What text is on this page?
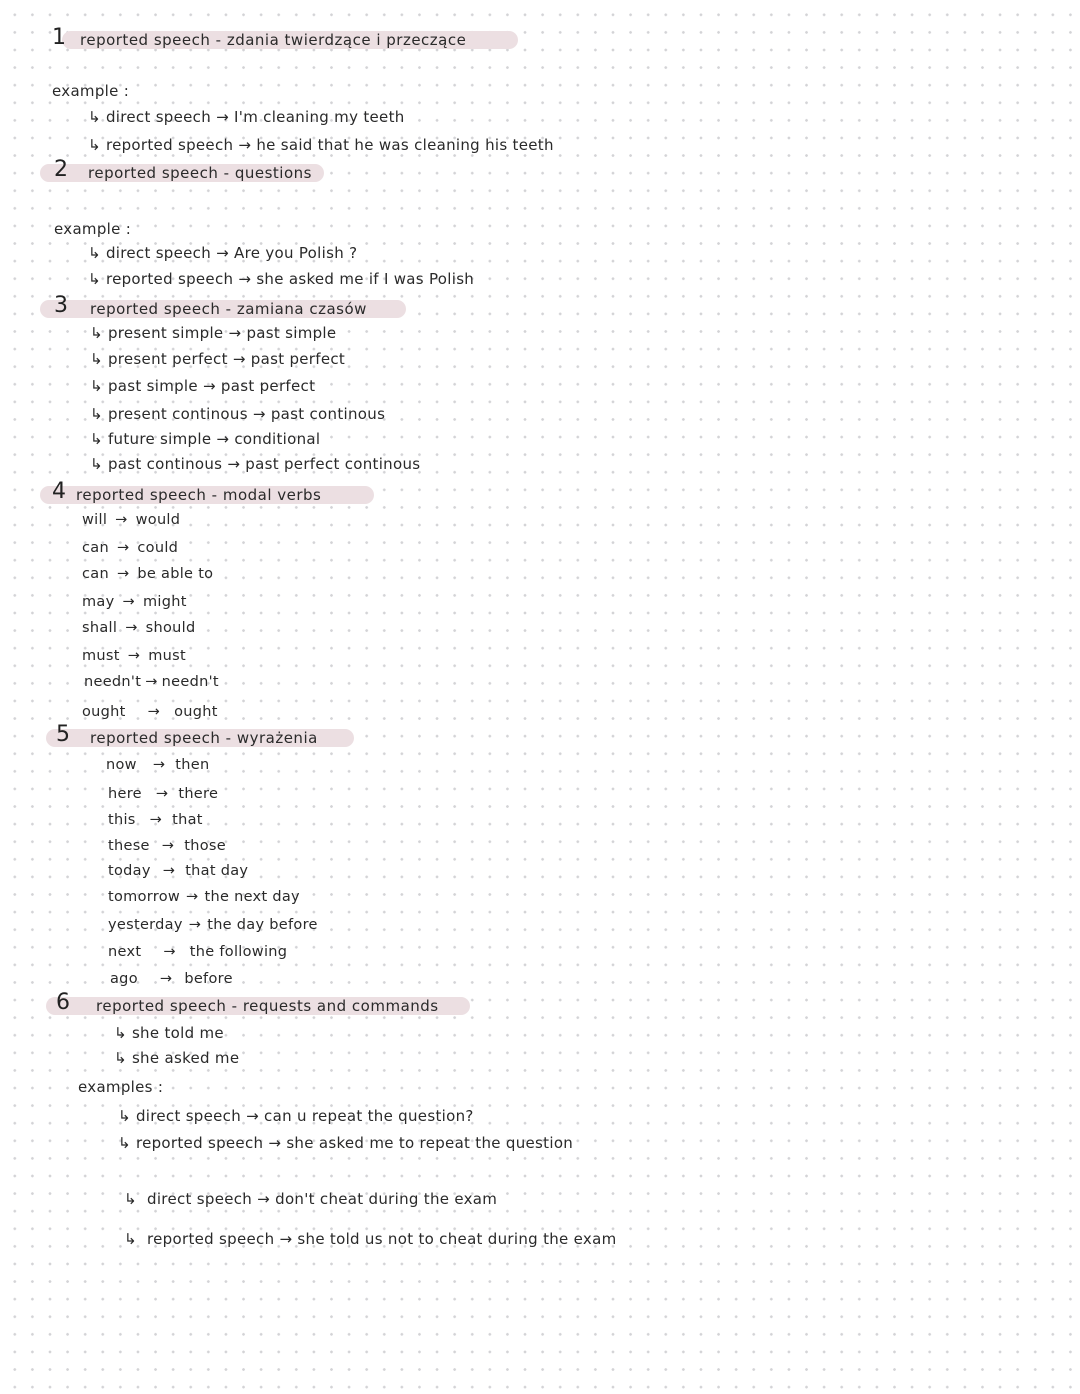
1 reported speech - zdania twierdzące i przeczące
example :
↳ direct speech → I'm cleaning my teeth
↳ reported speech → he said that he was cleaning his teeth
2 reported speech - questions
example :
↳ direct speech → Are you Polish ?
↳ reported speech → she asked me if I was Polish
3 reported speech - zamiana czasów
↳ present simple → past simple
↳ present perfect → past perfect
↳ past simple → past perfect
↳ present continous → past continous
↳ future simple → conditional
↳ past continous → past perfect continous
4 reported speech - modal verbs
will → would
can → could
can → be able to
may → might
shall → should
must → must
needn't → needn't
ought → ought
5 reported speech - wyrażenia
now → then
here → there
this → that
these → those
today → that day
tomorrow → the next day
yesterday → the day before
next → the following
ago → before
6 reported speech - requests and commands
↳ she told me
↳ she asked me
examples :
↳ direct speech → can u repeat the question?
↳ reported speech → she asked me to repeat the question
↳  direct speech → don't cheat during the exam
↳  reported speech → she told us not to cheat during the exam
